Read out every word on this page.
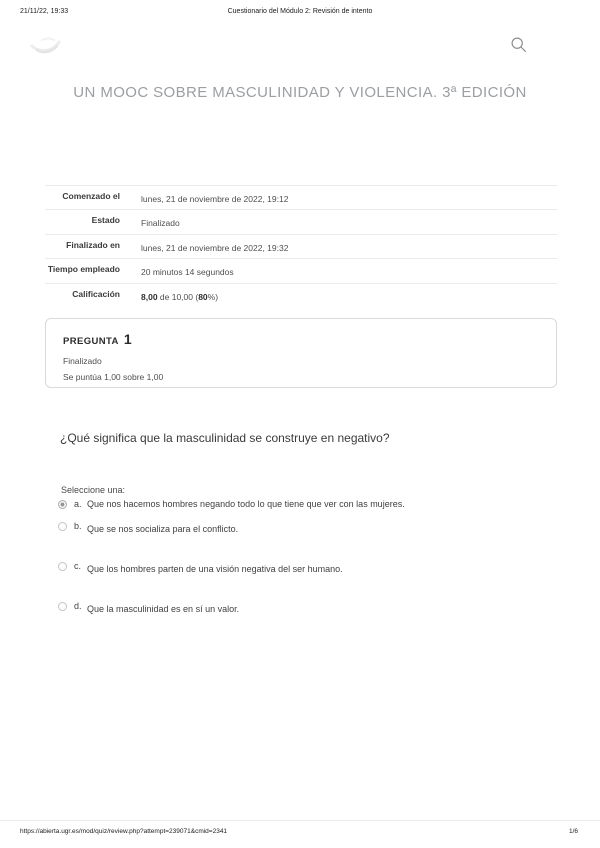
21/11/22, 19:33	Cuestionario del Módulo 2: Revisión de intento
UN MOOC SOBRE MASCULINIDAD Y VIOLENCIA. 3ª EDICIÓN
Comenzado el lunes, 21 de noviembre de 2022, 19:12
Estado Finalizado
Finalizado en lunes, 21 de noviembre de 2022, 19:32
Tiempo empleado 20 minutos 14 segundos
Calificación 8,00 de 10,00 (80%)
PREGUNTA 1
Finalizado
Se puntúa 1,00 sobre 1,00
¿Qué significa que la masculinidad se construye en negativo?
Seleccione una:
a. Que nos hacemos hombres negando todo lo que tiene que ver con las mujeres.
b. Que se nos socializa para el conflicto.
c. Que los hombres parten de una visión negativa del ser humano.
d. Que la masculinidad es en sí un valor.
https://abierta.ugr.es/mod/quiz/review.php?attempt=239071&cmid=2341	1/6
